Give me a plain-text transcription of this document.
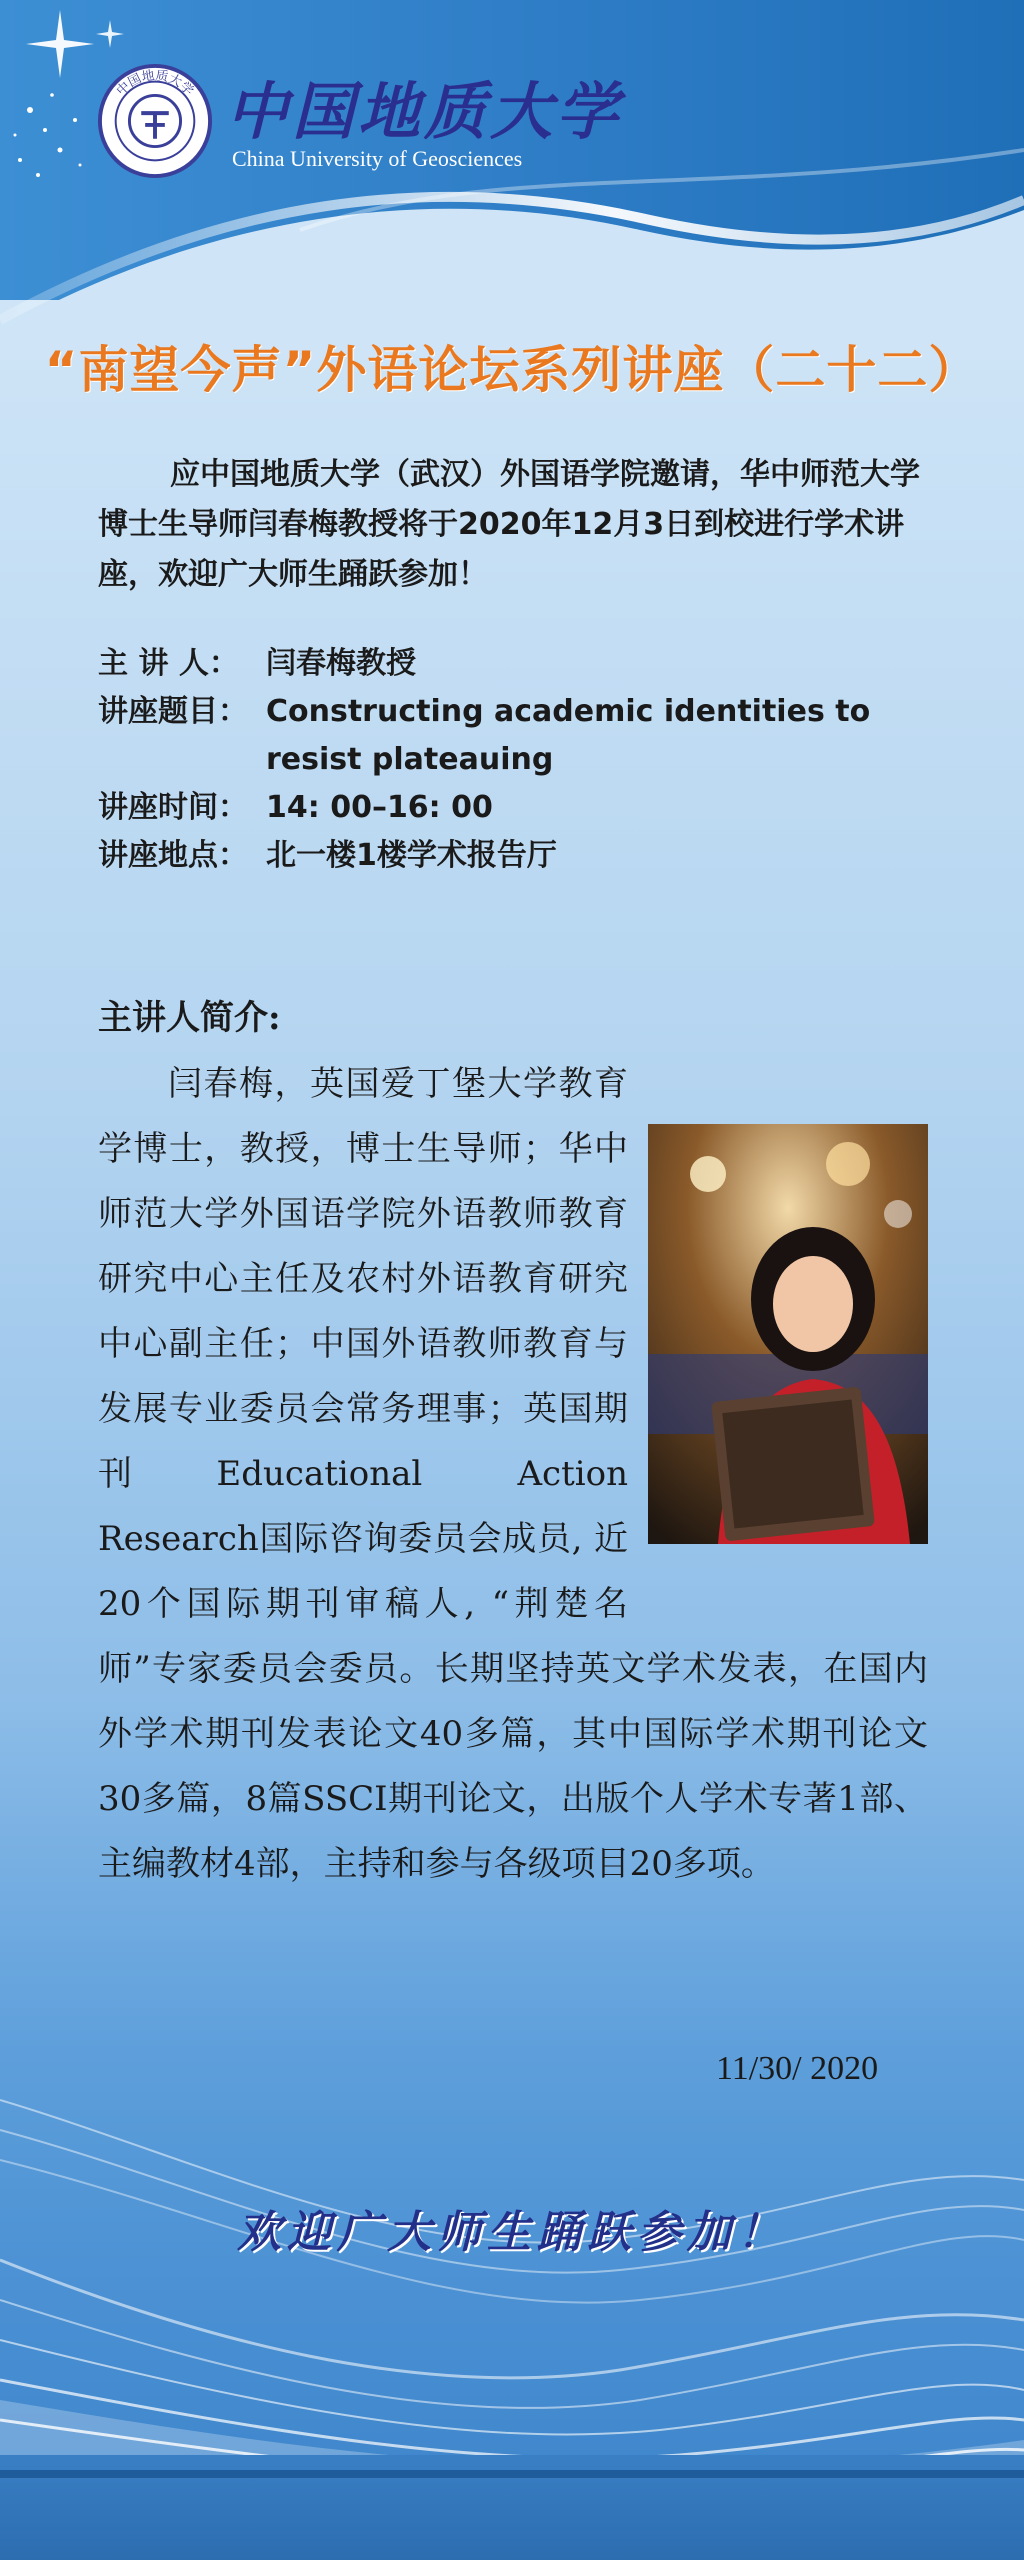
中国地质大学 中国地质大学
China University of Geosciences
“南望今声”外语论坛系列讲座（二十二）
应中国地质大学（武汉）外国语学院邀请，华中师范大学博士生导师闫春梅教授将于2020年12月3日到校进行学术讲座，欢迎广大师生踊跃参加！
主 讲 人： 闫春梅教授
讲座题目： Constructing academic identities to resist plateauing
讲座时间： 14: 00–16: 00
讲座地点： 北一楼1楼学术报告厅
主讲人简介:

闫春梅，英国爱丁堡大学教育学博士，教授，博士生导师；华中师范大学外国语学院外语教师教育研究中心主任及农村外语教育研究中心副主任；中国外语教师教育与发展专业委员会常务理事；英国期刊Educational Action Research国际咨询委员会成员, 近20个国际期刊审稿人, “荆楚名师”专家委员会委员。长期坚持英文学术发表，在国内外学术期刊发表论文40多篇，其中国际学术期刊论文30多篇，8篇SSCI期刊论文，出版个人学术专著1部、主编教材4部，主持和参与各级项目20多项。

11/30/ 2020
欢迎广大师生踊跃参加！
